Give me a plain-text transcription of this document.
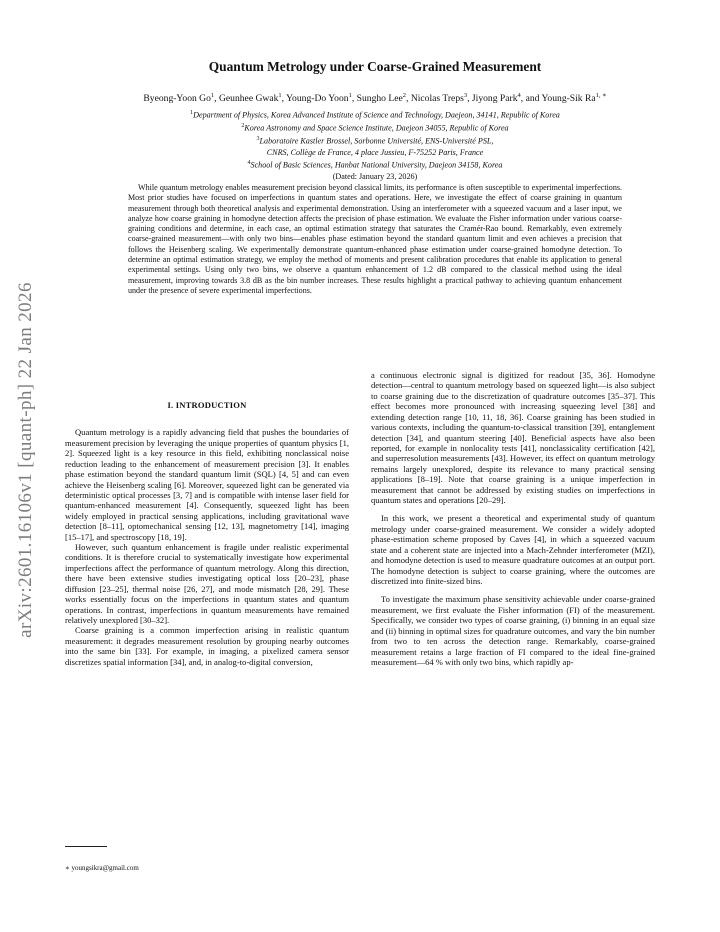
arXiv:2601.16106v1 [quant-ph] 22 Jan 2026
Quantum Metrology under Coarse-Grained Measurement
Byeong-Yoon Go$^1$, Geunhee Gwak$^1$, Young-Do Yoon$^1$, Sungho Lee$^2$, Nicolas Treps$^3$, Jiyong Park$^4$, and Young-Sik Ra$^{1, ∗}$
$^1$Department of Physics, Korea Advanced Institute of Science and Technology, Daejeon, 34141, Republic of Korea
$^2$Korea Astronomy and Space Science Institute, Daejeon 34055, Republic of Korea
$^3$Laboratoire Kastler Brossel, Sorbonne Université, ENS-Université PSL,
CNRS, Collège de France, 4 place Jussieu, F-75252 Paris, France
$^4$School of Basic Sciences, Hanbat National University, Daejeon 34158, Korea
(Dated: January 23, 2026)

While quantum metrology enables measurement precision beyond classical limits, its performance is often susceptible to experimental imperfections. Most prior studies have focused on imperfections in quantum states and operations. Here, we investigate the effect of coarse graining in quantum measurement through both theoretical analysis and experimental demonstration. Using an interferometer with a squeezed vacuum and a laser input, we analyze how coarse graining in homodyne detection affects the precision of phase estimation. We evaluate the Fisher information under various coarse-graining conditions and determine, in each case, an optimal estimation strategy that saturates the Cramér-Rao bound. Remarkably, even extremely coarse-grained measurement—with only two bins—enables phase estimation beyond the standard quantum limit and even achieves a precision that follows the Heisenberg scaling. We experimentally demonstrate quantum-enhanced phase estimation under coarse-grained homodyne detection. To determine an optimal estimation strategy, we employ the method of moments and present calibration procedures that enable its application to general experimental settings. Using only two bins, we observe a quantum enhancement of 1.2 dB compared to the classical method using the ideal measurement, improving towards 3.8 dB as the bin number increases. These results highlight a practical pathway to achieving quantum enhancement under the presence of severe experimental imperfections.

I. INTRODUCTION

Quantum metrology is a rapidly advancing field that pushes the boundaries of measurement precision by leveraging the unique properties of quantum physics [1, 2]. Squeezed light is a key resource in this field, exhibiting nonclassical noise reduction leading to the enhancement of measurement precision [3]. It enables phase estimation beyond the standard quantum limit (SQL) [4, 5] and can even achieve the Heisenberg scaling [6]. Moreover, squeezed light can be generated via deterministic optical processes [3, 7] and is compatible with intense laser field for quantum-enhanced measurement [4]. Consequently, squeezed light has been widely employed in practical sensing applications, including gravitational wave detection [8–11], optomechanical sensing [12, 13], magnetometry [14], imaging [15–17], and spectroscopy [18, 19].

However, such quantum enhancement is fragile under realistic experimental conditions. It is therefore crucial to systematically investigate how experimental imperfections affect the performance of quantum metrology. Along this direction, there have been extensive studies investigating optical loss [20–23], phase diffusion [23–25], thermal noise [26, 27], and mode mismatch [28, 29]. These works essentially focus on the imperfections in quantum states and quantum operations. In contrast, imperfections in quantum measurements have remained relatively unexplored [30–32].

Coarse graining is a common imperfection arising in realistic quantum measurement: it degrades measurement resolution by grouping nearby outcomes into the same bin [33]. For example, in imaging, a pixelized camera sensor discretizes spatial information [34], and, in analog-to-digital conversion,

a continuous electronic signal is digitized for readout [35, 36]. Homodyne detection—central to quantum metrology based on squeezed light—is also subject to coarse graining due to the discretization of quadrature outcomes [35–37]. This effect becomes more pronounced with increasing squeezing level [38] and extending detection range [10, 11, 18, 36]. Coarse graining has been studied in various contexts, including the quantum-to-classical transition [39], entanglement detection [34], and quantum steering [40]. Beneficial aspects have also been reported, for example in nonlocality tests [41], nonclassicality certification [42], and superresolution measurements [43]. However, its effect on quantum metrology remains largely unexplored, despite its relevance to many practical sensing applications [8–19]. Note that coarse graining is a unique imperfection in measurement that cannot be addressed by existing studies on imperfections in quantum states and operations [20–29].

In this work, we present a theoretical and experimental study of quantum metrology under coarse-grained measurement. We consider a widely adopted phase-estimation scheme proposed by Caves [4], in which a squeezed vacuum state and a coherent state are injected into a Mach-Zehnder interferometer (MZI), and homodyne detection is used to measure quadrature outcomes at an output port. The homodyne detection is subject to coarse graining, where the outcomes are discretized into finite-sized bins.

To investigate the maximum phase sensitivity achievable under coarse-grained measurement, we first evaluate the Fisher information (FI) of the measurement. Specifically, we consider two types of coarse graining, (i) binning in an equal size and (ii) binning in optimal sizes for quadrature outcomes, and vary the bin number from two to ten across the detection range. Remarkably, coarse-grained measurement retains a large fraction of FI compared to the ideal fine-grained measurement—64 % with only two bins, which rapidly ap-

∗ youngsikra@gmail.com
